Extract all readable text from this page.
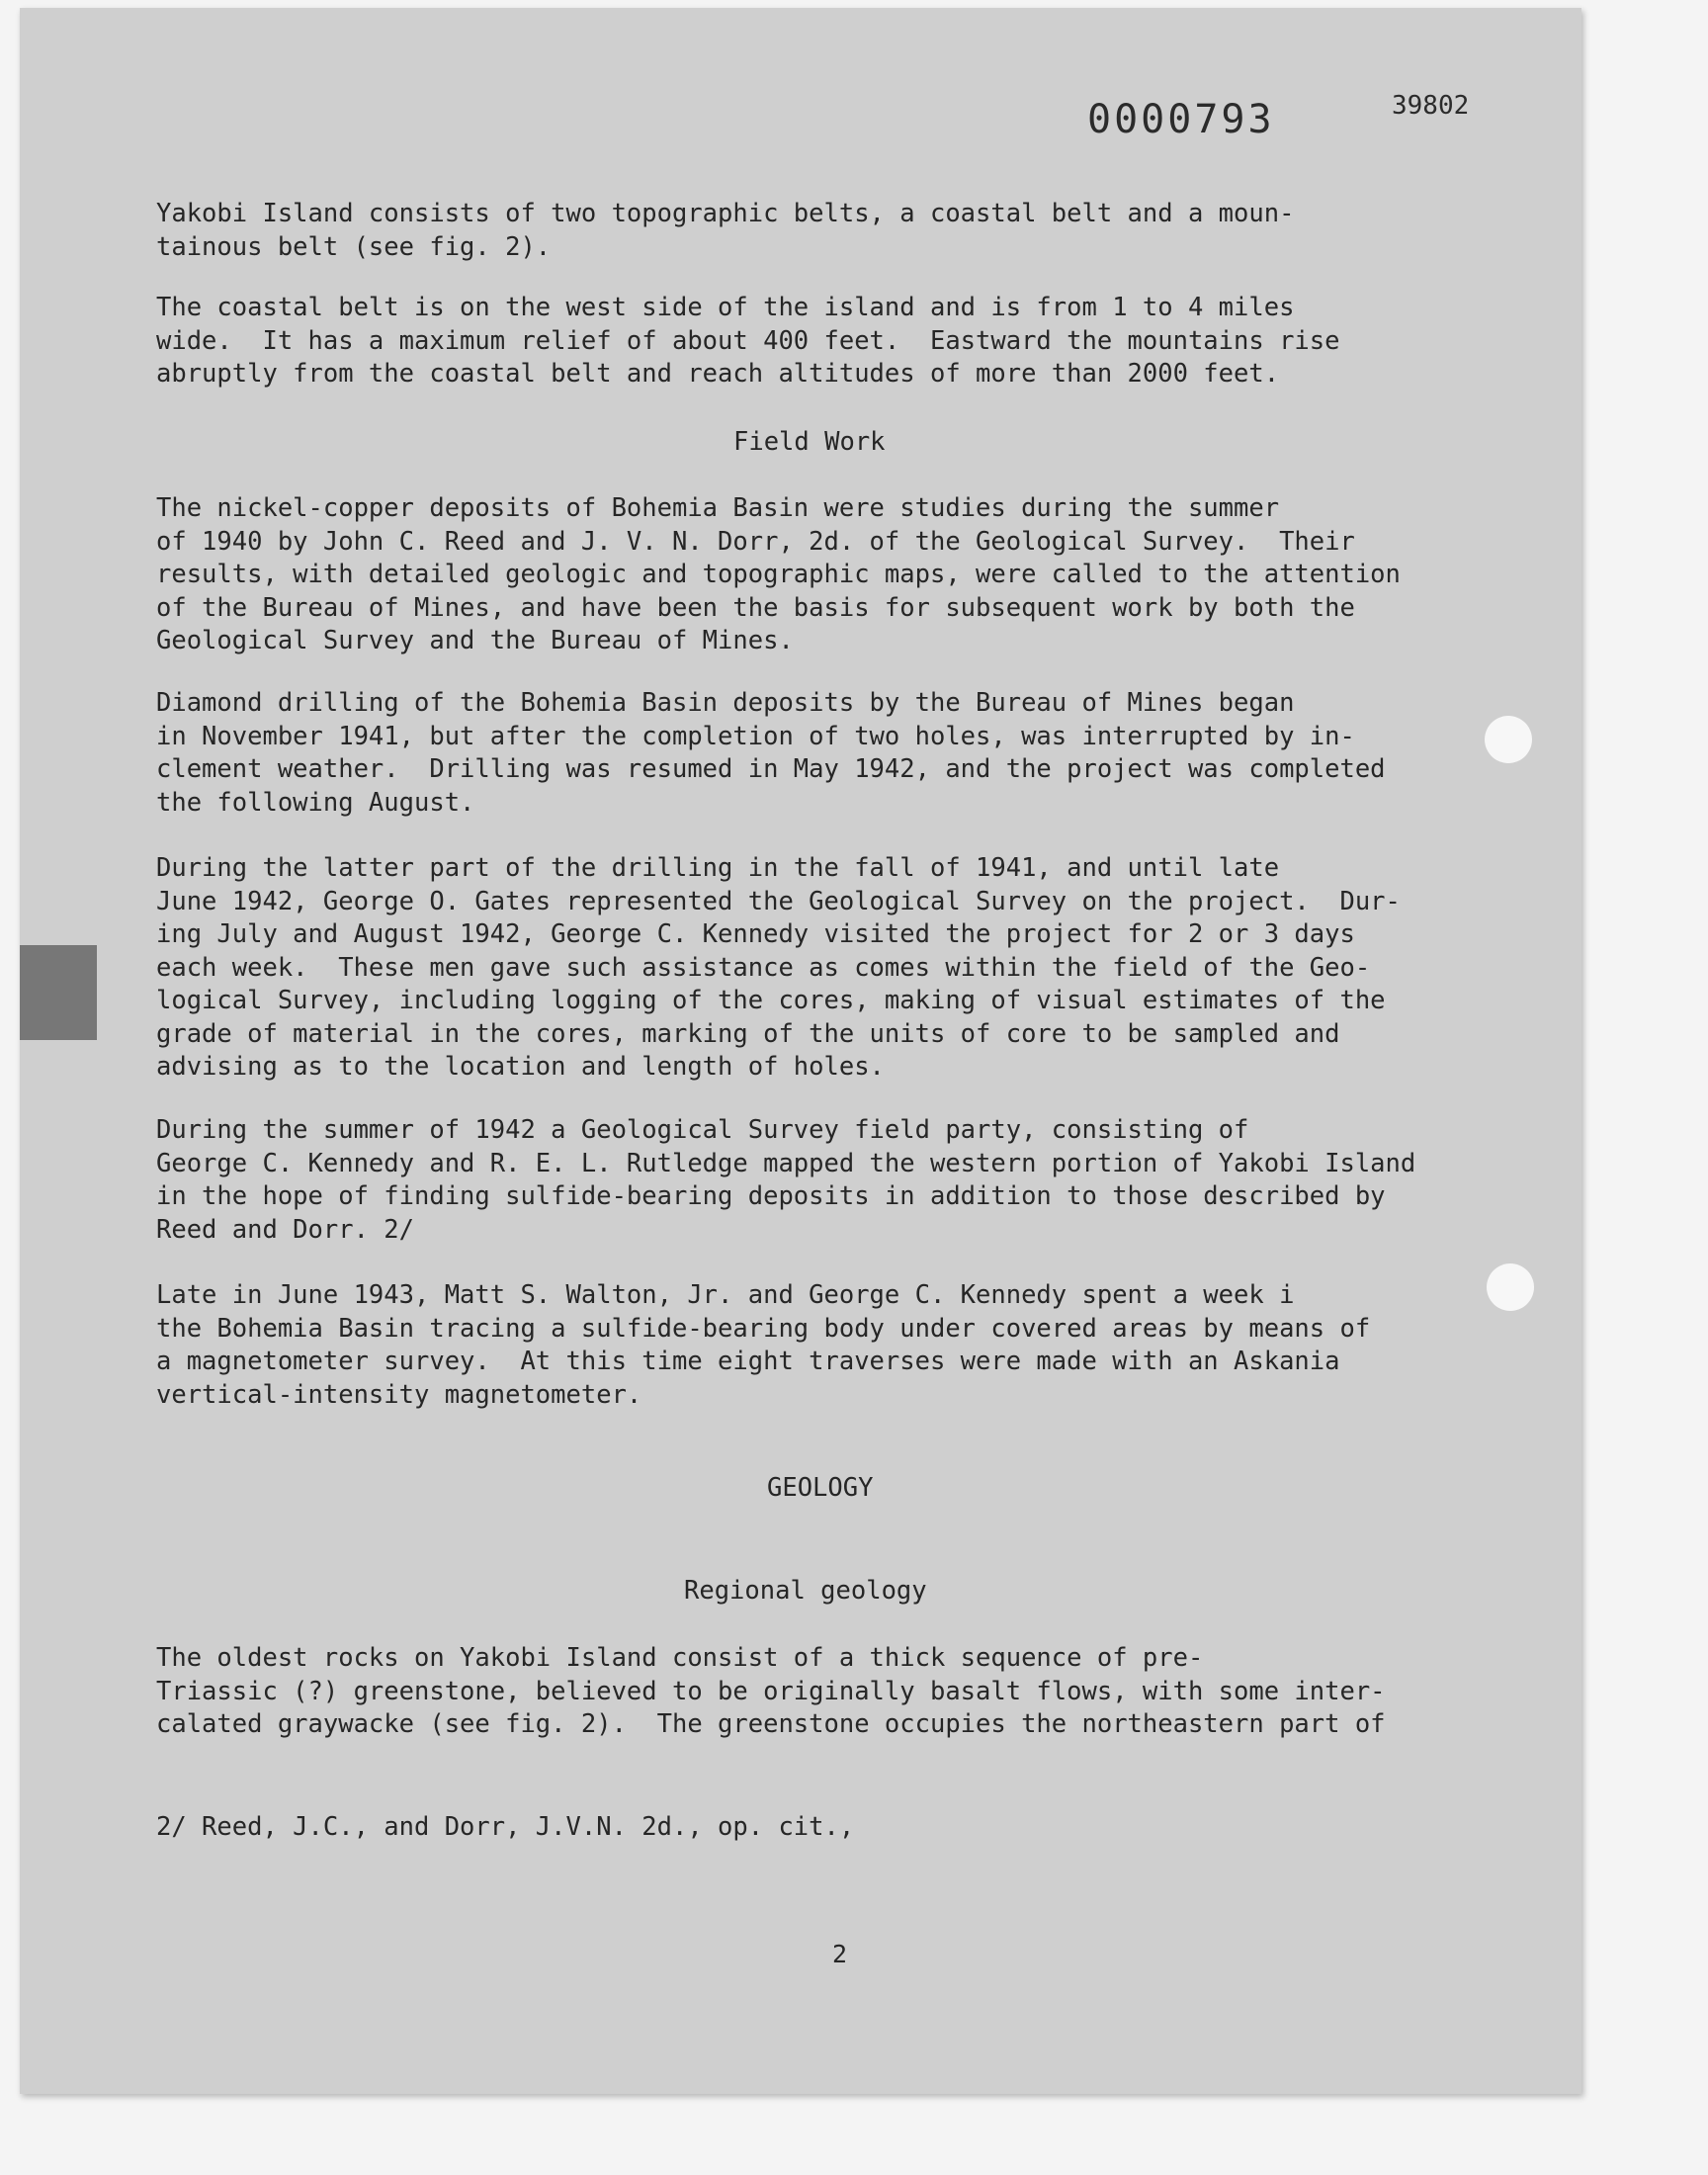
0000793	39802

Yakobi Island consists of two topographic belts, a coastal belt and a moun-
tainous belt (see fig. 2).

The coastal belt is on the west side of the island and is from 1 to 4 miles
wide.  It has a maximum relief of about 400 feet.  Eastward the mountains rise
abruptly from the coastal belt and reach altitudes of more than 2000 feet.

Field Work

The nickel-copper deposits of Bohemia Basin were studies during the summer
of 1940 by John C. Reed and J. V. N. Dorr, 2d. of the Geological Survey.  Their
results, with detailed geologic and topographic maps, were called to the attention
of the Bureau of Mines, and have been the basis for subsequent work by both the
Geological Survey and the Bureau of Mines.

Diamond drilling of the Bohemia Basin deposits by the Bureau of Mines began
in November 1941, but after the completion of two holes, was interrupted by in-
clement weather.  Drilling was resumed in May 1942, and the project was completed
the following August.

During the latter part of the drilling in the fall of 1941, and until late
June 1942, George O. Gates represented the Geological Survey on the project.  Dur-
ing July and August 1942, George C. Kennedy visited the project for 2 or 3 days
each week.  These men gave such assistance as comes within the field of the Geo-
logical Survey, including logging of the cores, making of visual estimates of the
grade of material in the cores, marking of the units of core to be sampled and
advising as to the location and length of holes.

During the summer of 1942 a Geological Survey field party, consisting of
George C. Kennedy and R. E. L. Rutledge mapped the western portion of Yakobi Island
in the hope of finding sulfide-bearing deposits in addition to those described by
Reed and Dorr. 2/

Late in June 1943, Matt S. Walton, Jr. and George C. Kennedy spent a week i
the Bohemia Basin tracing a sulfide-bearing body under covered areas by means of
a magnetometer survey.  At this time eight traverses were made with an Askania
vertical-intensity magnetometer.

GEOLOGY

Regional geology

The oldest rocks on Yakobi Island consist of a thick sequence of pre-
Triassic (?) greenstone, believed to be originally basalt flows, with some inter-
calated graywacke (see fig. 2).  The greenstone occupies the northeastern part of

2/ Reed, J.C., and Dorr, J.V.N. 2d., op. cit.,

2
